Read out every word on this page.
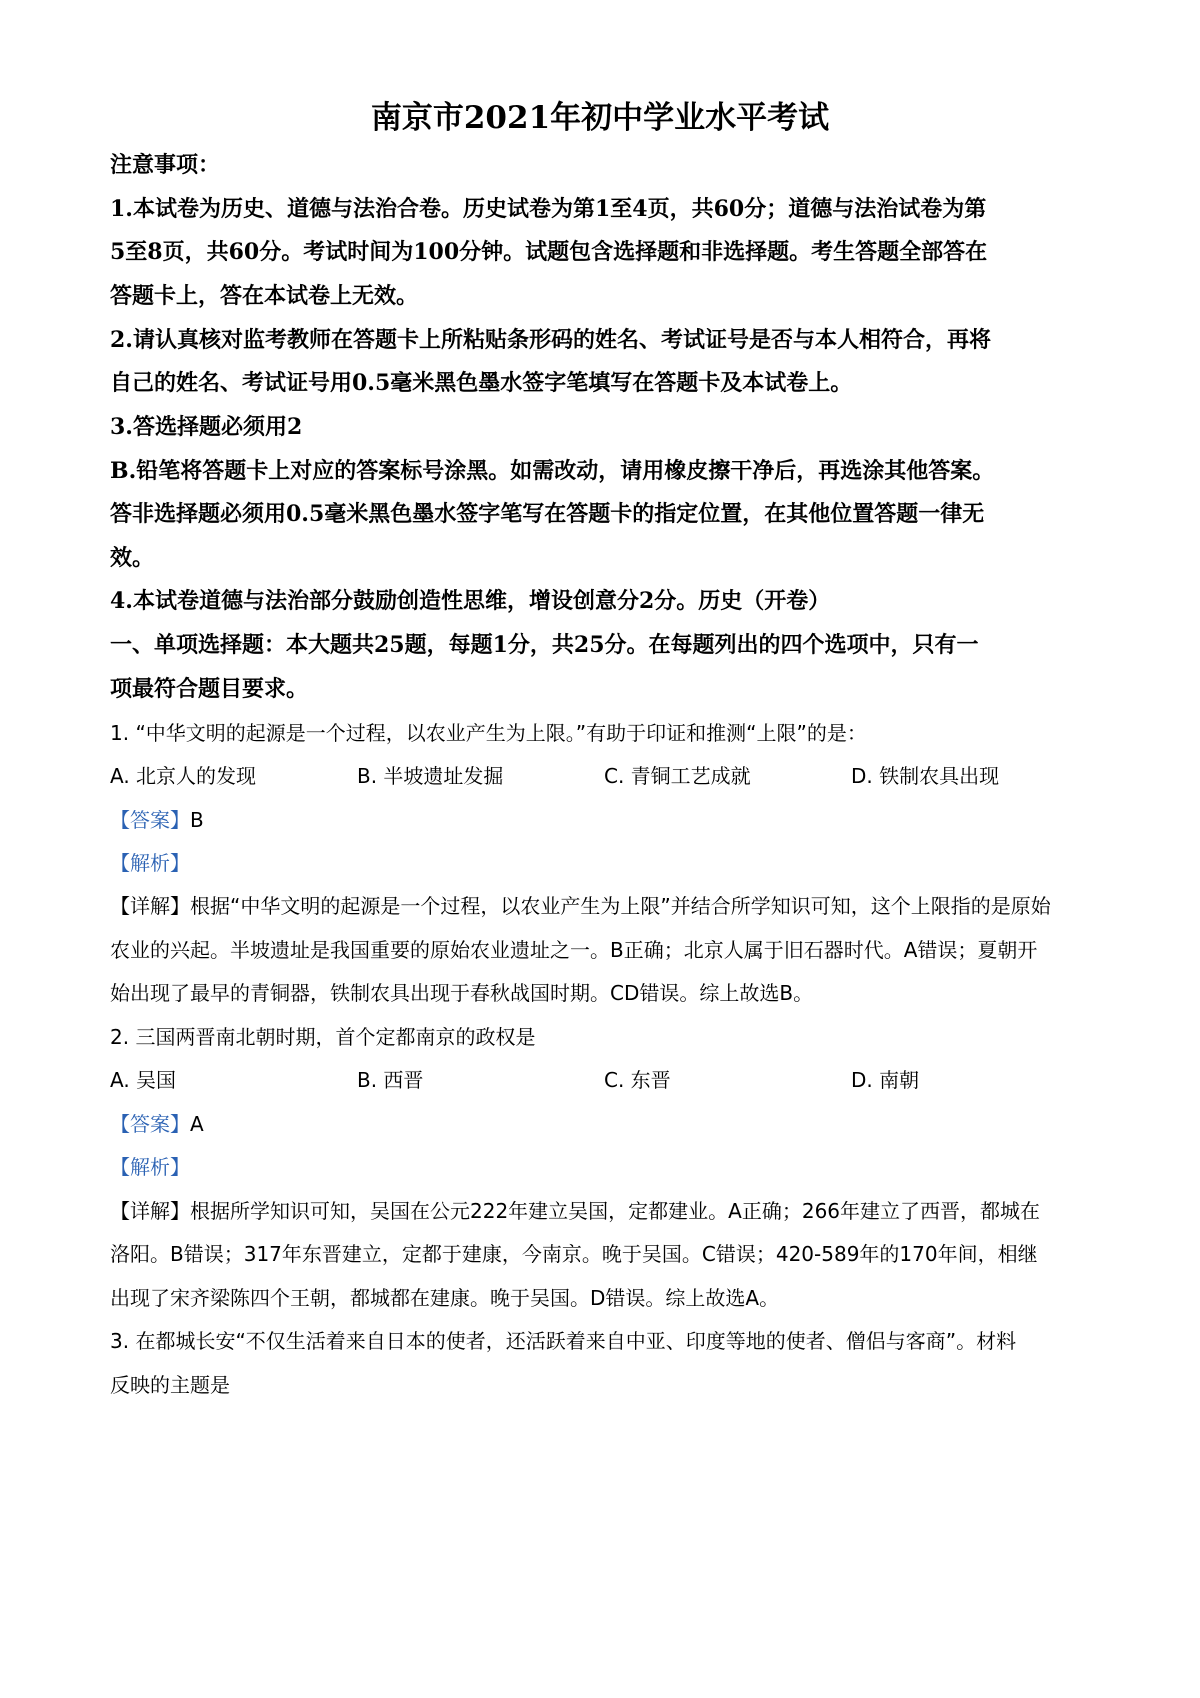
南京市2021年初中学业水平考试

注意事项：

1.本试卷为历史、道德与法治合卷。历史试卷为第1至4页，共60分；道德与法治试卷为第

5至8页，共60分。考试时间为100分钟。试题包含选择题和非选择题。考生答题全部答在

答题卡上，答在本试卷上无效。

2.请认真核对监考教师在答题卡上所粘贴条形码的姓名、考试证号是否与本人相符合，再将

自己的姓名、考试证号用0.5毫米黑色墨水签字笔填写在答题卡及本试卷上。

3.答选择题必须用2

B.铅笔将答题卡上对应的答案标号涂黑。如需改动，请用橡皮擦干净后，再选涂其他答案。

答非选择题必须用0.5毫米黑色墨水签字笔写在答题卡的指定位置，在其他位置答题一律无

效。

4.本试卷道德与法治部分鼓励创造性思维，增设创意分2分。历史（开卷）

一、单项选择题：本大题共25题，每题1分，共25分。在每题列出的四个选项中，只有一

项最符合题目要求。

1. “中华文明的起源是一个过程，以农业产生为上限。”有助于印证和推测“上限”的是：

A. 北京人的发现	B. 半坡遗址发掘	C. 青铜工艺成就	D. 铁制农具出现

【答案】B

【解析】

【详解】根据“中华文明的起源是一个过程，以农业产生为上限”并结合所学知识可知，这个上限指的是原始

农业的兴起。半坡遗址是我国重要的原始农业遗址之一。B正确；北京人属于旧石器时代。A错误；夏朝开

始出现了最早的青铜器，铁制农具出现于春秋战国时期。CD错误。综上故选B。

2. 三国两晋南北朝时期，首个定都南京的政权是

A. 吴国	B. 西晋	C. 东晋	D. 南朝

【答案】A

【解析】

【详解】根据所学知识可知，吴国在公元222年建立吴国，定都建业。A正确；266年建立了西晋，都城在

洛阳。B错误；317年东晋建立，定都于建康，今南京。晚于吴国。C错误；420-589年的170年间，相继

出现了宋齐梁陈四个王朝，都城都在建康。晚于吴国。D错误。综上故选A。

3. 在都城长安“不仅生活着来自日本的使者，还活跃着来自中亚、印度等地的使者、僧侣与客商”。材料

反映的主题是
